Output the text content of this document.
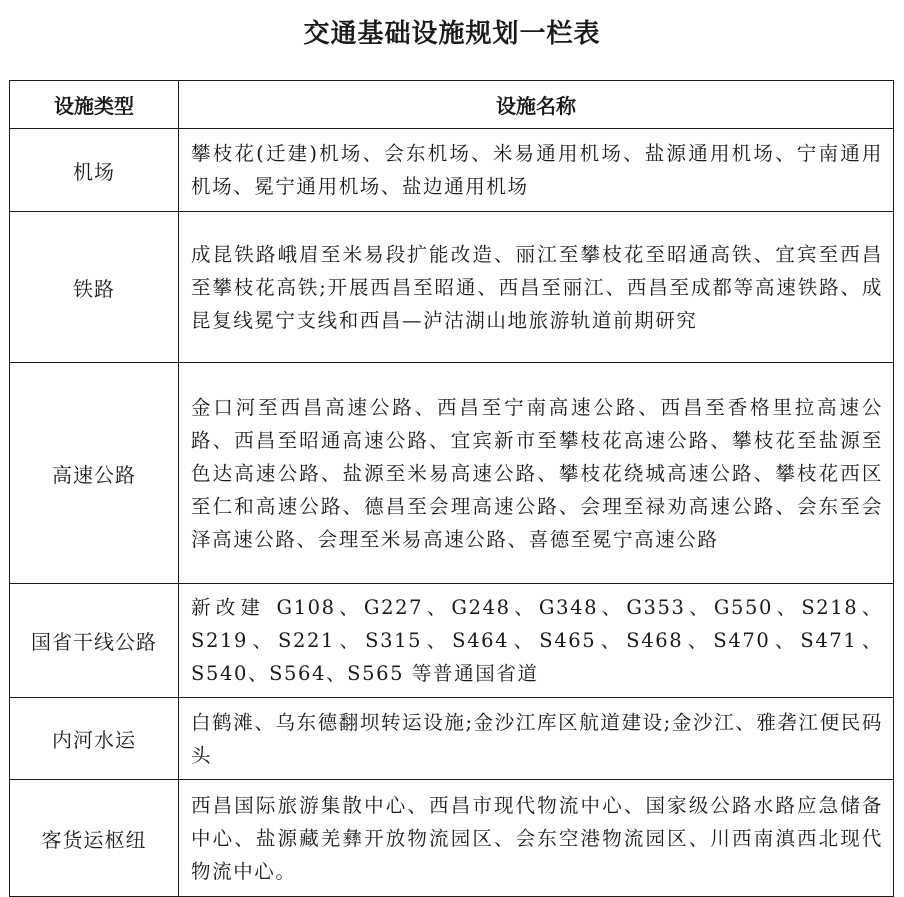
交通基础设施规划一栏表
设施类型	设施名称
机场	攀枝花(迁建)机场、会东机场、米易通用机场、盐源通用机场、宁南通用机场、冕宁通用机场、盐边通用机场
铁路	成昆铁路峨眉至米易段扩能改造、丽江至攀枝花至昭通高铁、宜宾至西昌至攀枝花高铁;开展西昌至昭通、西昌至丽江、西昌至成都等高速铁路、成昆复线冕宁支线和西昌—泸沽湖山地旅游轨道前期研究
高速公路	金口河至西昌高速公路、西昌至宁南高速公路、西昌至香格里拉高速公路、西昌至昭通高速公路、宜宾新市至攀枝花高速公路、攀枝花至盐源至色达高速公路、盐源至米易高速公路、攀枝花绕城高速公路、攀枝花西区至仁和高速公路、德昌至会理高速公路、会理至禄劝高速公路、会东至会泽高速公路、会理至米易高速公路、喜德至冕宁高速公路
国省干线公路	新改建 G108、G227、G248、G348、G353、G550、S218、S219、S221、S315、S464、S465、S468、S470、S471、S540、S564、S565 等普通国省道
内河水运	白鹤滩、乌东德翻坝转运设施;金沙江库区航道建设;金沙江、雅砻江便民码头
客货运枢纽	西昌国际旅游集散中心、西昌市现代物流中心、国家级公路水路应急储备中心、盐源藏羌彝开放物流园区、会东空港物流园区、川西南滇西北现代物流中心。
